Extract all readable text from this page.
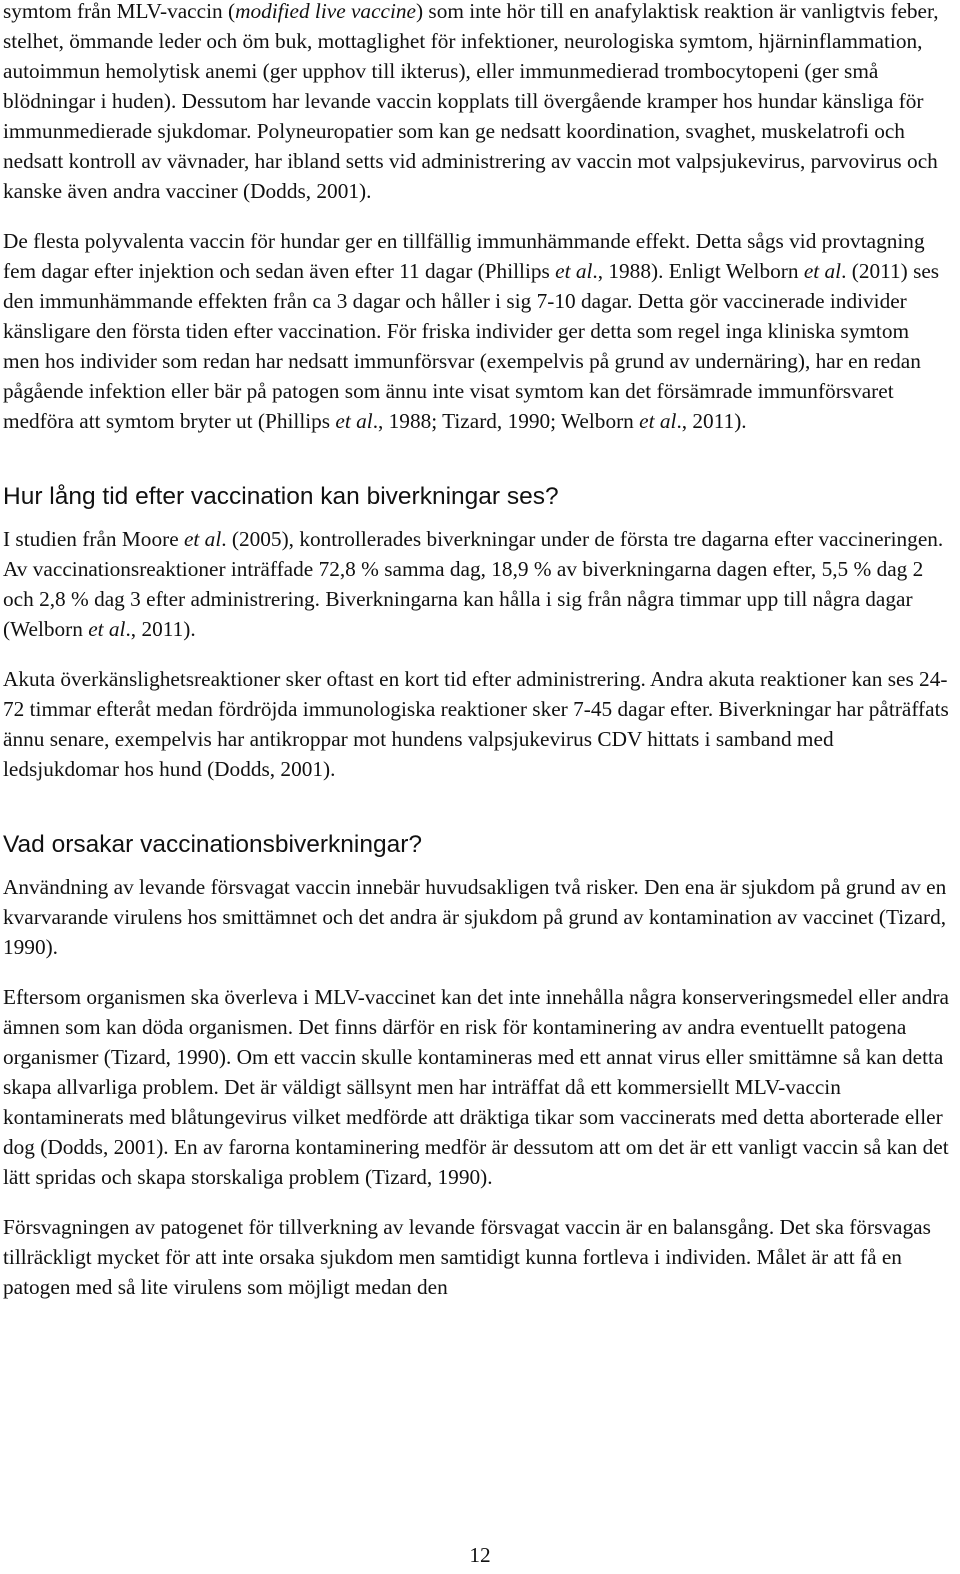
symtom från MLV-vaccin (modified live vaccine) som inte hör till en anafylaktisk reaktion är vanligtvis feber, stelhet, ömmande leder och öm buk, mottaglighet för infektioner, neurologiska symtom, hjärninflammation, autoimmun hemolytisk anemi (ger upphov till ikterus), eller immunmedierad trombocytopeni (ger små blödningar i huden). Dessutom har levande vaccin kopplats till övergående kramper hos hundar känsliga för immunmedierade sjukdomar. Polyneuropatier som kan ge nedsatt koordination, svaghet, muskelatrofi och nedsatt kontroll av vävnader, har ibland setts vid administrering av vaccin mot valpsjukevirus, parvovirus och kanske även andra vacciner (Dodds, 2001).

De flesta polyvalenta vaccin för hundar ger en tillfällig immunhämmande effekt. Detta sågs vid provtagning fem dagar efter injektion och sedan även efter 11 dagar (Phillips et al., 1988). Enligt Welborn et al. (2011) ses den immunhämmande effekten från ca 3 dagar och håller i sig 7-10 dagar. Detta gör vaccinerade individer känsligare den första tiden efter vaccination. För friska individer ger detta som regel inga kliniska symtom men hos individer som redan har nedsatt immunförsvar (exempelvis på grund av undernäring), har en redan pågående infektion eller bär på patogen som ännu inte visat symtom kan det försämrade immunförsvaret medföra att symtom bryter ut (Phillips et al., 1988; Tizard, 1990; Welborn et al., 2011).

Hur lång tid efter vaccination kan biverkningar ses?

I studien från Moore et al. (2005), kontrollerades biverkningar under de första tre dagarna efter vaccineringen. Av vaccinationsreaktioner inträffade 72,8 % samma dag, 18,9 % av biverkningarna dagen efter, 5,5 % dag 2 och 2,8 % dag 3 efter administrering. Biverkningarna kan hålla i sig från några timmar upp till några dagar (Welborn et al., 2011).

Akuta överkänslighetsreaktioner sker oftast en kort tid efter administrering. Andra akuta reaktioner kan ses 24-72 timmar efteråt medan fördröjda immunologiska reaktioner sker 7-45 dagar efter. Biverkningar har påträffats ännu senare, exempelvis har antikroppar mot hundens valpsjukevirus CDV hittats i samband med ledsjukdomar hos hund (Dodds, 2001).

Vad orsakar vaccinationsbiverkningar?

Användning av levande försvagat vaccin innebär huvudsakligen två risker. Den ena är sjukdom på grund av en kvarvarande virulens hos smittämnet och det andra är sjukdom på grund av kontamination av vaccinet (Tizard, 1990).

Eftersom organismen ska överleva i MLV-vaccinet kan det inte innehålla några konserveringsmedel eller andra ämnen som kan döda organismen. Det finns därför en risk för kontaminering av andra eventuellt patogena organismer (Tizard, 1990). Om ett vaccin skulle kontamineras med ett annat virus eller smittämne så kan detta skapa allvarliga problem. Det är väldigt sällsynt men har inträffat då ett kommersiellt MLV-vaccin kontaminerats med blåtungevirus vilket medförde att dräktiga tikar som vaccinerats med detta aborterade eller dog (Dodds, 2001). En av farorna kontaminering medför är dessutom att om det är ett vanligt vaccin så kan det lätt spridas och skapa storskaliga problem (Tizard, 1990).

Försvagningen av patogenet för tillverkning av levande försvagat vaccin är en balansgång. Det ska försvagas tillräckligt mycket för att inte orsaka sjukdom men samtidigt kunna fortleva i individen. Målet är att få en patogen med så lite virulens som möjligt medan den

12
